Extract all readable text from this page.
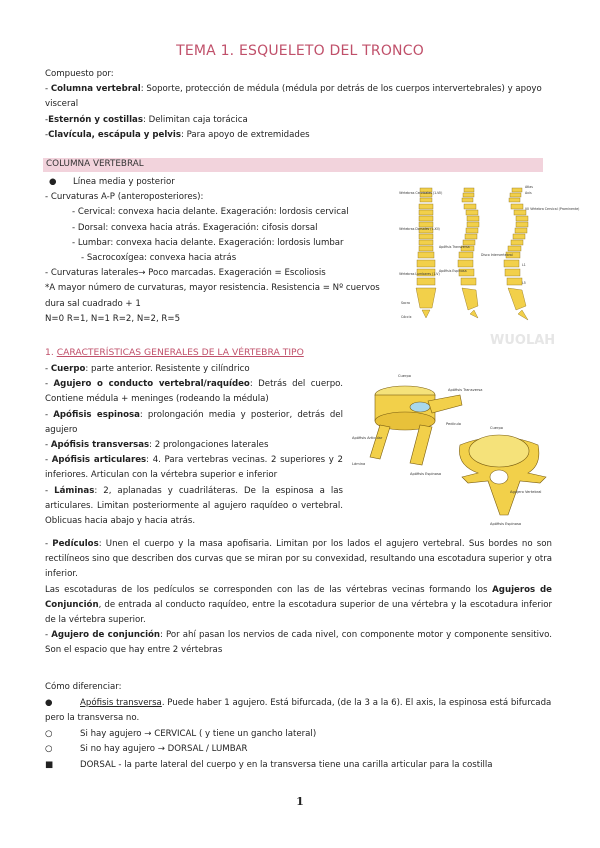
TEMA 1. ESQUELETO DEL TRONCO

Compuesto por:

- Columna vertebral: Soporte, protección de médula (médula por detrás de los cuerpos intervertebrales) y apoyo visceral

-Esternón y costillas: Delimitan caja torácica

-Clavícula, escápula y pelvis: Para apoyo de extremidades

COLUMNA VERTEBRAL

● Línea media y posterior

- Curvaturas A-P (anteroposteriores):

- Cervical: convexa hacia delante. Exageración: lordosis cervical

- Dorsal: convexa hacia atrás. Exageración: cifosis dorsal

- Lumbar: convexa hacia delante. Exageración: lordosis lumbar

- Sacrocoxígea: convexa hacia atrás

- Curvaturas laterales→ Poco marcadas. Exageración = Escoliosis

*A mayor número de curvaturas, mayor resistencia. Resistencia = Nº cuervos dura sal cuadrado + 1

N=0 R=1, N=1 R=2, N=2, R=5

Vértebras Cervicales (1-VII)
Vértebras Dorsales (1-XII)
Vértebras Lumbares (1-V)
Sacro
Cóccix
Apófisis Transversa
Apófisis Espinosa
Disco Intervertebral
Atlas
Axis
VII Vértebra Cervical (Prominente)
L1
L5
WUOLAH
1. CARACTERÍSTICAS GENERALES DE LA VÉRTEBRA TIPO

- Cuerpo: parte anterior. Resistente y cilíndrico

- Agujero o conducto vertebral/raquídeo: Detrás del cuerpo. Contiene médula + meninges (rodeando la médula)

- Apófisis espinosa: prolongación media y posterior, detrás del agujero

- Apófisis transversas: 2 prolongaciones laterales

- Apófisis articulares: 4. Para vertebras vecinas. 2 superiores y 2 inferiores. Articulan con la vértebra superior e inferior

- Láminas: 2, aplanadas y cuadriláteras. De la espinosa a las articulares. Limitan posteriormente al agujero raquídeo o vertebral. Oblicuas hacia abajo y hacia atrás.

Cuerpo
Apófisis Articular
Apófisis Transversa
Apófisis Espinosa
Lámina
Pedículo
Cuerpo
Agujero Vertebral
Apófisis Espinosa

- Pedículos: Unen el cuerpo y la masa apofisaria. Limitan por los lados el agujero vertebral. Sus bordes no son rectilíneos sino que describen dos curvas que se miran por su convexidad, resultando una escotadura superior y otra inferior.

Las escotaduras de los pedículos se corresponden con las de las vértebras vecinas formando los Agujeros de Conjunción, de entrada al conducto raquídeo, entre la escotadura superior de una vértebra y la escotadura inferior de la vértebra superior.

- Agujero de conjunción: Por ahí pasan los nervios de cada nivel, con componente motor y componente sensitivo. Son el espacio que hay entre 2 vértebras

Cómo diferenciar:
●	Apófisis transversa. Puede haber 1 agujero. Está bifurcada, (de la 3 a la 6). El axis, la espinosa está bifurcada pero la transversa no.

○	Si hay agujero → CERVICAL ( y tiene un gancho lateral)
○	Si no hay agujero → DORSAL / LUMBAR
■	DORSAL - la parte lateral del cuerpo y en la transversa tiene una carilla articular para la costilla
1
